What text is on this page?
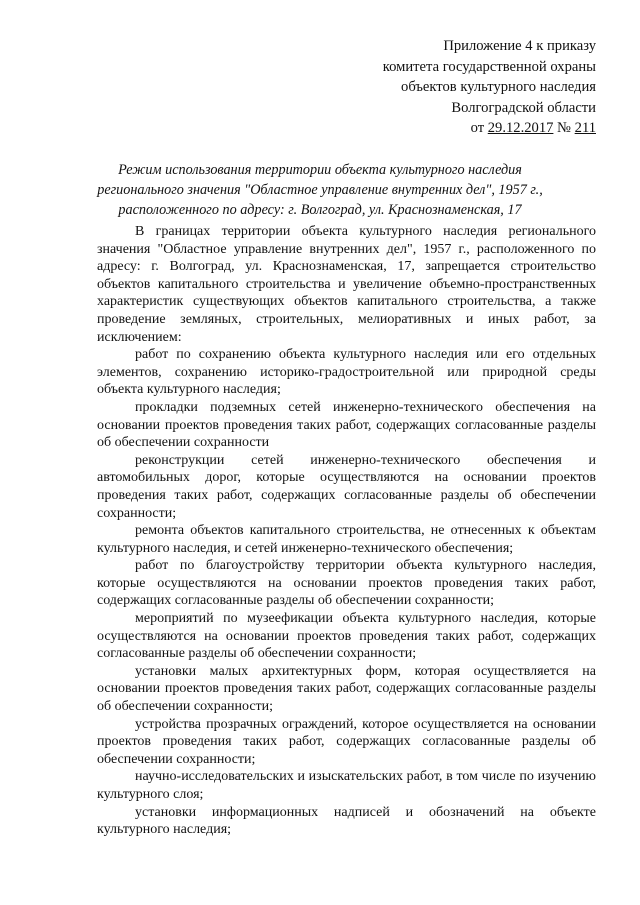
Приложение 4 к приказу
комитета государственной охраны
объектов культурного наследия
Волгоградской области
от 29.12.2017 № 211
Режим использования территории объекта культурного наследия
регионального значения "Областное управление внутренних дел", 1957 г.,
расположенного по адресу: г. Волгоград, ул. Краснознаменская, 17

В границах территории объекта культурного наследия регионального значения "Областное управление внутренних дел", 1957 г., расположенного по адресу: г. Волгоград, ул. Краснознаменская, 17, запрещается строительство объектов капитального строительства и увеличение объемно-пространственных характеристик существующих объектов капитального строительства, а также проведение земляных, строительных, мелиоративных и иных работ, за исключением:

работ по сохранению объекта культурного наследия или его отдельных элементов, сохранению историко-градостроительной или природной среды объекта культурного наследия;

прокладки подземных сетей инженерно-технического обеспечения на основании проектов проведения таких работ, содержащих согласованные разделы об обеспечении сохранности

реконструкции сетей инженерно-технического обеспечения и автомобильных дорог, которые осуществляются на основании проектов проведения таких работ, содержащих согласованные разделы об обеспечении сохранности;

ремонта объектов капитального строительства, не отнесенных к объектам культурного наследия, и сетей инженерно-технического обеспечения;

работ по благоустройству территории объекта культурного наследия, которые осуществляются на основании проектов проведения таких работ, содержащих согласованные разделы об обеспечении сохранности;

мероприятий по музеефикации объекта культурного наследия, которые осуществляются на основании проектов проведения таких работ, содержащих согласованные разделы об обеспечении сохранности;

установки малых архитектурных форм, которая осуществляется на основании проектов проведения таких работ, содержащих согласованные разделы об обеспечении сохранности;

устройства прозрачных ограждений, которое осуществляется на основании проектов проведения таких работ, содержащих согласованные разделы об обеспечении сохранности;

научно-исследовательских и изыскательских работ, в том числе по изучению культурного слоя;

установки информационных надписей и обозначений на объекте культурного наследия;
